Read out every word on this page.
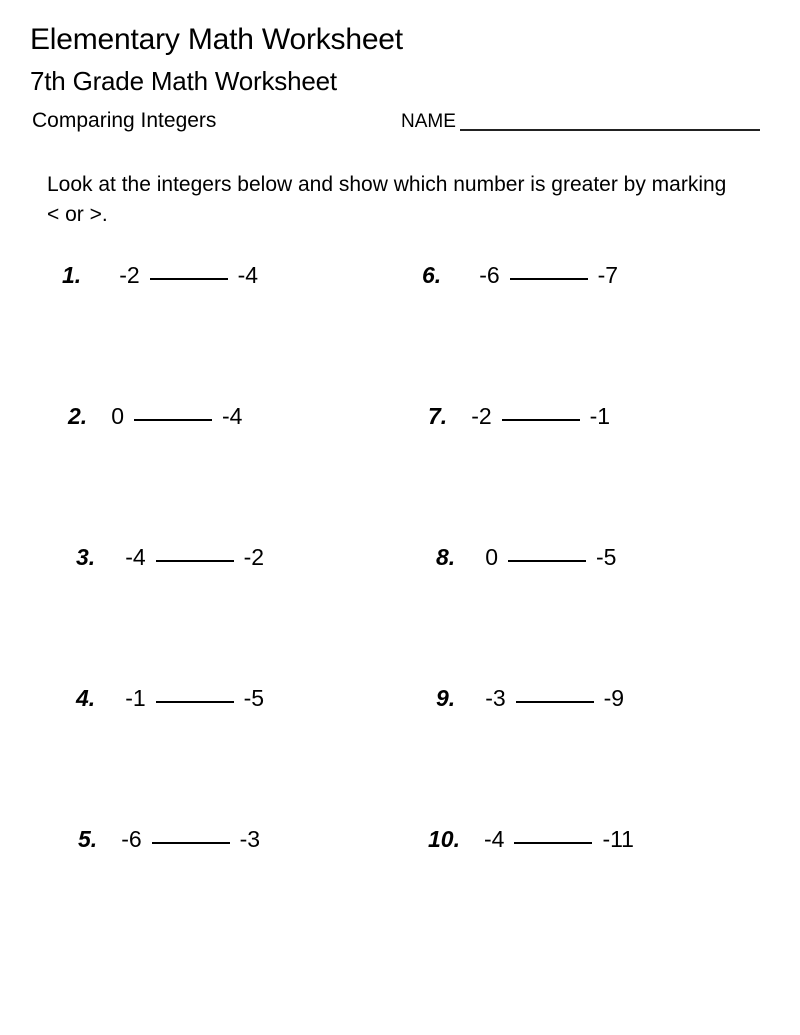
Elementary Math Worksheet
7th Grade Math Worksheet
Comparing Integers	NAME
Look at the integers below and show which number is greater by marking < or >.
1. -2	-4	6. -6	-7
2. 0	-4	7. -2	-1
3. -4	-2	8. 0	-5
4. -1	-5	9. -3	-9
5. -6	-3	10. -4	-11
